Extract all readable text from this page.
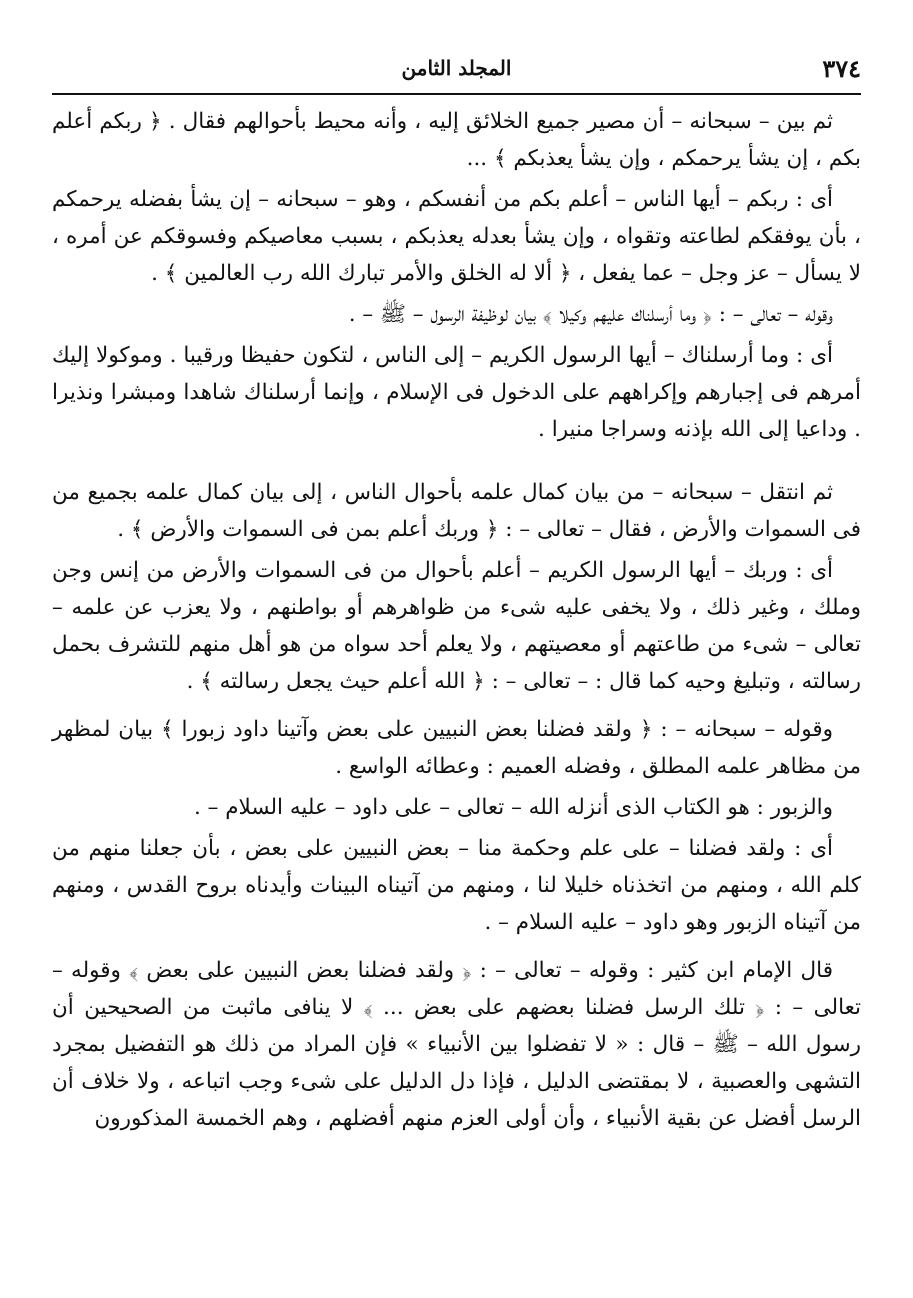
٣٧٤
المجلد الثامن

ثم بين – سبحانه – أن مصير جميع الخلائق إليه ، وأنه محيط بأحوالهم فقال . ﴿ ربكم أعلم بكم ، إن يشأ يرحمكم ، وإن يشأ يعذبكم ﴾ ...

أى : ربكم – أيها الناس – أعلم بكم من أنفسكم ، وهو – سبحانه – إن يشأ بفضله يرحمكم ، بأن يوفقكم لطاعته وتقواه ، وإن يشأ بعدله يعذبكم ، بسبب معاصيكم وفسوقكم عن أمره ، لا يسأل – عز وجل – عما يفعل ، ﴿ ألا له الخلق والأمر تبارك الله رب العالمين ﴾ .

وقوله – تعالى – : ﴿ وما أرسلناك عليهم وكيلا ﴾ بيان لوظيفة الرسول – ﷺ – .

أى : وما أرسلناك – أيها الرسول الكريم – إلى الناس ، لتكون حفيظا ورقيبا . وموكولا إليك أمرهم فى إجبارهم وإكراههم على الدخول فى الإسلام ، وإنما أرسلناك شاهدا ومبشرا ونذيرا . وداعيا إلى الله بإذنه وسراجا منيرا .

ثم انتقل – سبحانه – من بيان كمال علمه بأحوال الناس ، إلى بيان كمال علمه بجميع من فى السموات والأرض ، فقال – تعالى – : ﴿ وربك أعلم بمن فى السموات والأرض ﴾ .

أى : وربك – أيها الرسول الكريم – أعلم بأحوال من فى السموات والأرض من إنس وجن وملك ، وغير ذلك ، ولا يخفى عليه شىء من ظواهرهم أو بواطنهم ، ولا يعزب عن علمه – تعالى – شىء من طاعتهم أو معصيتهم ، ولا يعلم أحد سواه من هو أهل منهم للتشرف بحمل رسالته ، وتبليغ وحيه كما قال : – تعالى – : ﴿ الله أعلم حيث يجعل رسالته ﴾ .

وقوله – سبحانه – : ﴿ ولقد فضلنا بعض النبيين على بعض وآتينا داود زبورا ﴾ بيان لمظهر من مظاهر علمه المطلق ، وفضله العميم : وعطائه الواسع .

والزبور : هو الكتاب الذى أنزله الله – تعالى – على داود – عليه السلام – .

أى : ولقد فضلنا – على علم وحكمة منا – بعض النبيين على بعض ، بأن جعلنا منهم من كلم الله ، ومنهم من اتخذناه خليلا لنا ، ومنهم من آتيناه البينات وأيدناه بروح القدس ، ومنهم من آتيناه الزبور وهو داود – عليه السلام – .

قال الإمام ابن كثير : وقوله – تعالى – : ﴿ ولقد فضلنا بعض النبيين على بعض ﴾ وقوله – تعالى – : ﴿ تلك الرسل فضلنا بعضهم على بعض ... ﴾ لا ينافى ماثبت من الصحيحين أن رسول الله – ﷺ – قال : « لا تفضلوا بين الأنبياء » فإن المراد من ذلك هو التفضيل بمجرد التشهى والعصبية ، لا بمقتضى الدليل ، فإذا دل الدليل على شىء وجب اتباعه ، ولا خلاف أن الرسل أفضل عن بقية الأنبياء ، وأن أولى العزم منهم أفضلهم ، وهم الخمسة المذكورون
